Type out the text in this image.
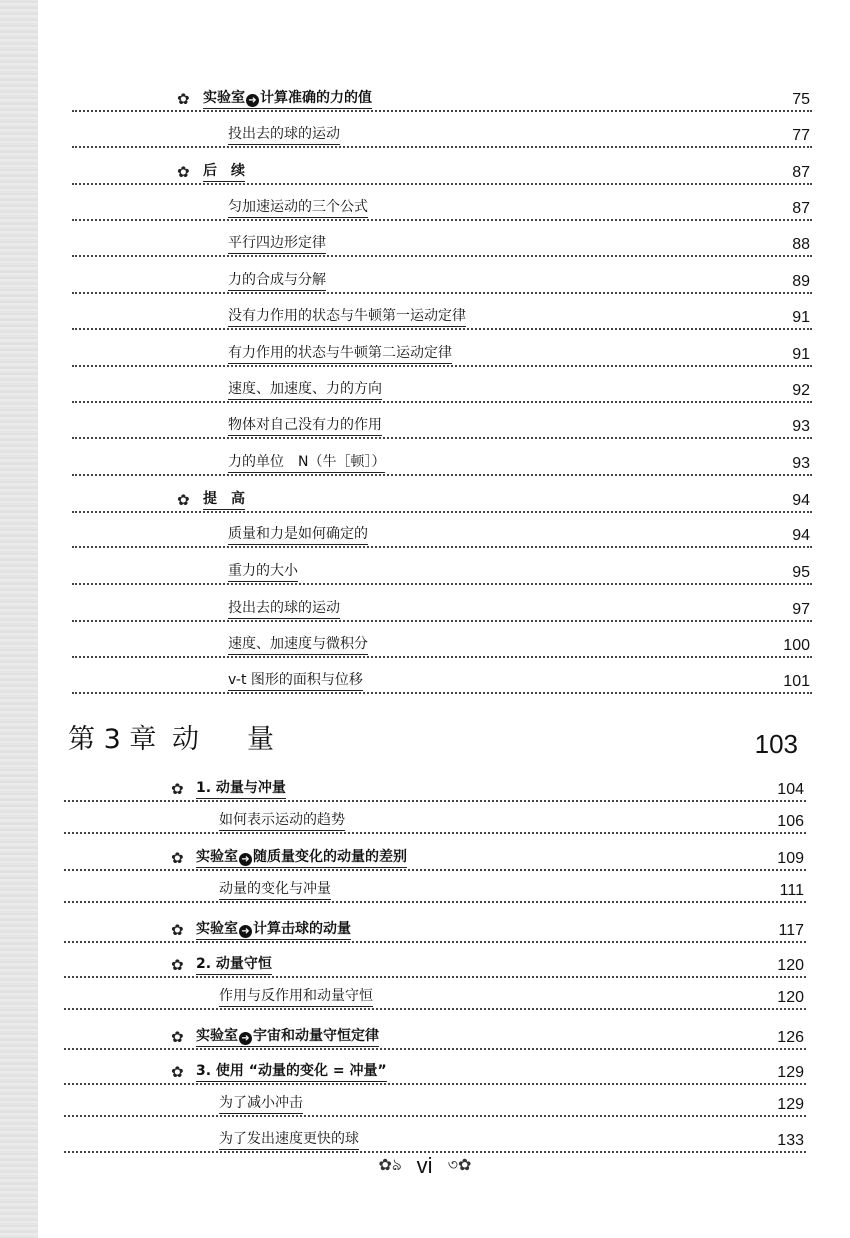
✿ 实验室 ➜ 计算准确的力的值	75
投出去的球的运动	77
✿ 后　续	87
匀加速运动的三个公式	87
平行四边形定律	88
力的合成与分解	89
没有力作用的状态与牛顿第一运动定律	91
有力作用的状态与牛顿第二运动定律	91
速度、加速度、力的方向	92
物体对自己没有力的作用	93
力的单位　N（牛［顿］）	93
✿ 提　高	94
质量和力是如何确定的	94
重力的大小	95
投出去的球的运动	97
速度、加速度与微积分	100
v-t 图形的面积与位移	101
第 3 章 动量	103
✿ 1. 动量与冲量	104
如何表示运动的趋势	106
✿ 实验室 ➜ 随质量变化的动量的差别	109
动量的变化与冲量	111
✿ 实验室 ➜ 计算击球的动量	117
✿ 2. 动量守恒	120
作用与反作用和动量守恒	120
✿ 实验室 ➜ 宇宙和动量守恒定律	126
✿ 3. 使用 “动量的变化 = 冲量”	129
为了减小冲击	129
为了发出速度更快的球	133
✿ঌ vi ৩✿
